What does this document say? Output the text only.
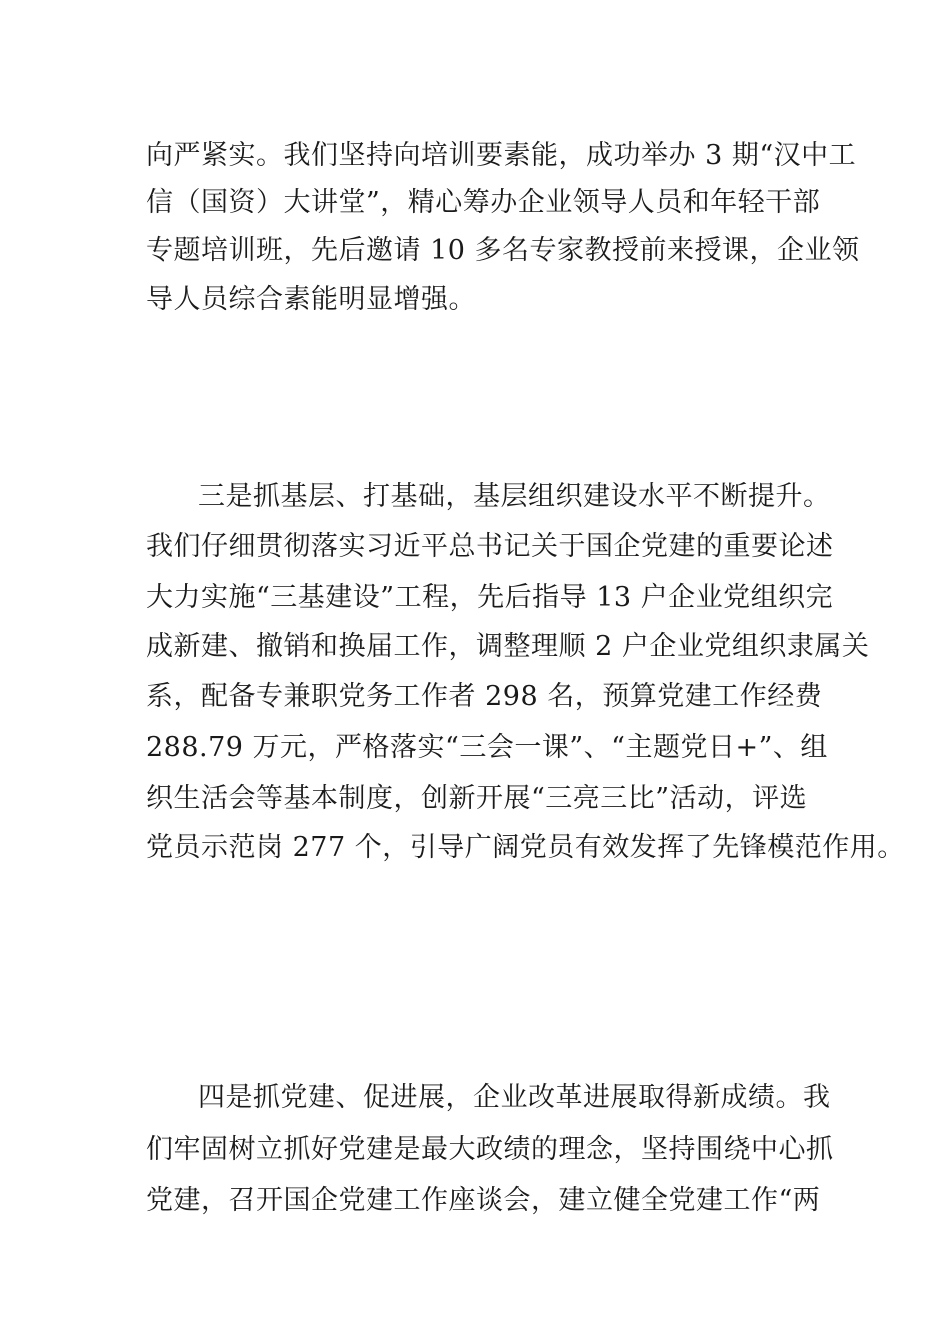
向严紧实。我们坚持向培训要素能，成功举办 3 期“汉中工
信（国资）大讲堂”，精心筹办企业领导人员和年轻干部
专题培训班，先后邀请 10 多名专家教授前来授课，企业领
导人员综合素能明显增强。
三是抓基层、打基础，基层组织建设水平不断提升。
我们仔细贯彻落实习近平总书记关于国企党建的重要论述
大力实施“三基建设”工程，先后指导 13 户企业党组织完
成新建、撤销和换届工作，调整理顺 2 户企业党组织隶属关
系，配备专兼职党务工作者 298 名，预算党建工作经费
288.79 万元，严格落实“三会一课”、“主题党日+”、组
织生活会等基本制度，创新开展“三亮三比”活动，评选
党员示范岗 277 个，引导广阔党员有效发挥了先锋模范作用。
四是抓党建、促进展，企业改革进展取得新成绩。我
们牢固树立抓好党建是最大政绩的理念，坚持围绕中心抓
党建，召开国企党建工作座谈会，建立健全党建工作“两
